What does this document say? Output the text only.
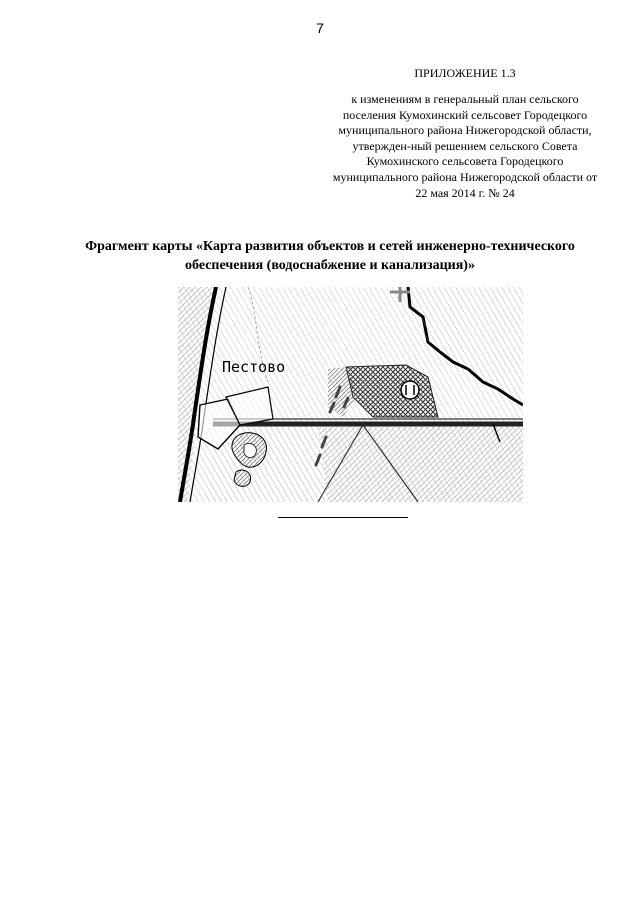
7
ПРИЛОЖЕНИЕ 1.3
к изменениям в генеральный план сельского поселения Кумохинский сельсовет Городецкого муниципального района Нижегородской области, утвержден-ный решением сельского Совета Кумохинского сельсовета Городецкого муниципального района Нижегородской области от 22 мая 2014 г. № 24
Фрагмент карты «Карта развития объектов и сетей инженерно-технического обеспечения (водоснабжение и канализация)»
Пестово
